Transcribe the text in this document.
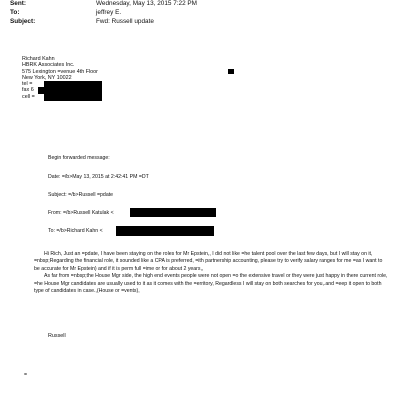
Sent:	Wednesday, May 13, 2015 7:22 PM
To:	jeffrey E.
Subject:	Fwd: Russell update
Richard Kahn
HBRK Associates Inc.
575 Lexington =venue 4th Floor
New York, NY 10022
tel =
fax 6
cell =
Begin forwarded message:
Date: =/b>May 13, 2015 at 2:42:41 PM =DT
Subject: =/b>Russell =pdate
From: =/b>Russell Katulak <
To: =/b>Richard Kahn <

Hi Rich, Just an =pdate, I have been staying on the roles for Mr Epstein,, I did not like =he talent pool over the last few days, but I will stay on it, =nbsp;Regarding the financial role, it sounded like a CPA is preferred, =ith partnership accounting, please try to verify salary ranges for me =as I want to be accurate for Mr Epstein) and if it is perm full =ime or for about 2 years,,

As far from =nbsp;the House Mgr side, the high end events people were not open =o the extensive travel or they were just happy in there current role, =he House Mgr candidates are usually used to it as it comes with the =erritory, Regardless I will stay on both searches for you,.and =eep it open to both type of candidates in case.,(House or =vents),

Russell
=
